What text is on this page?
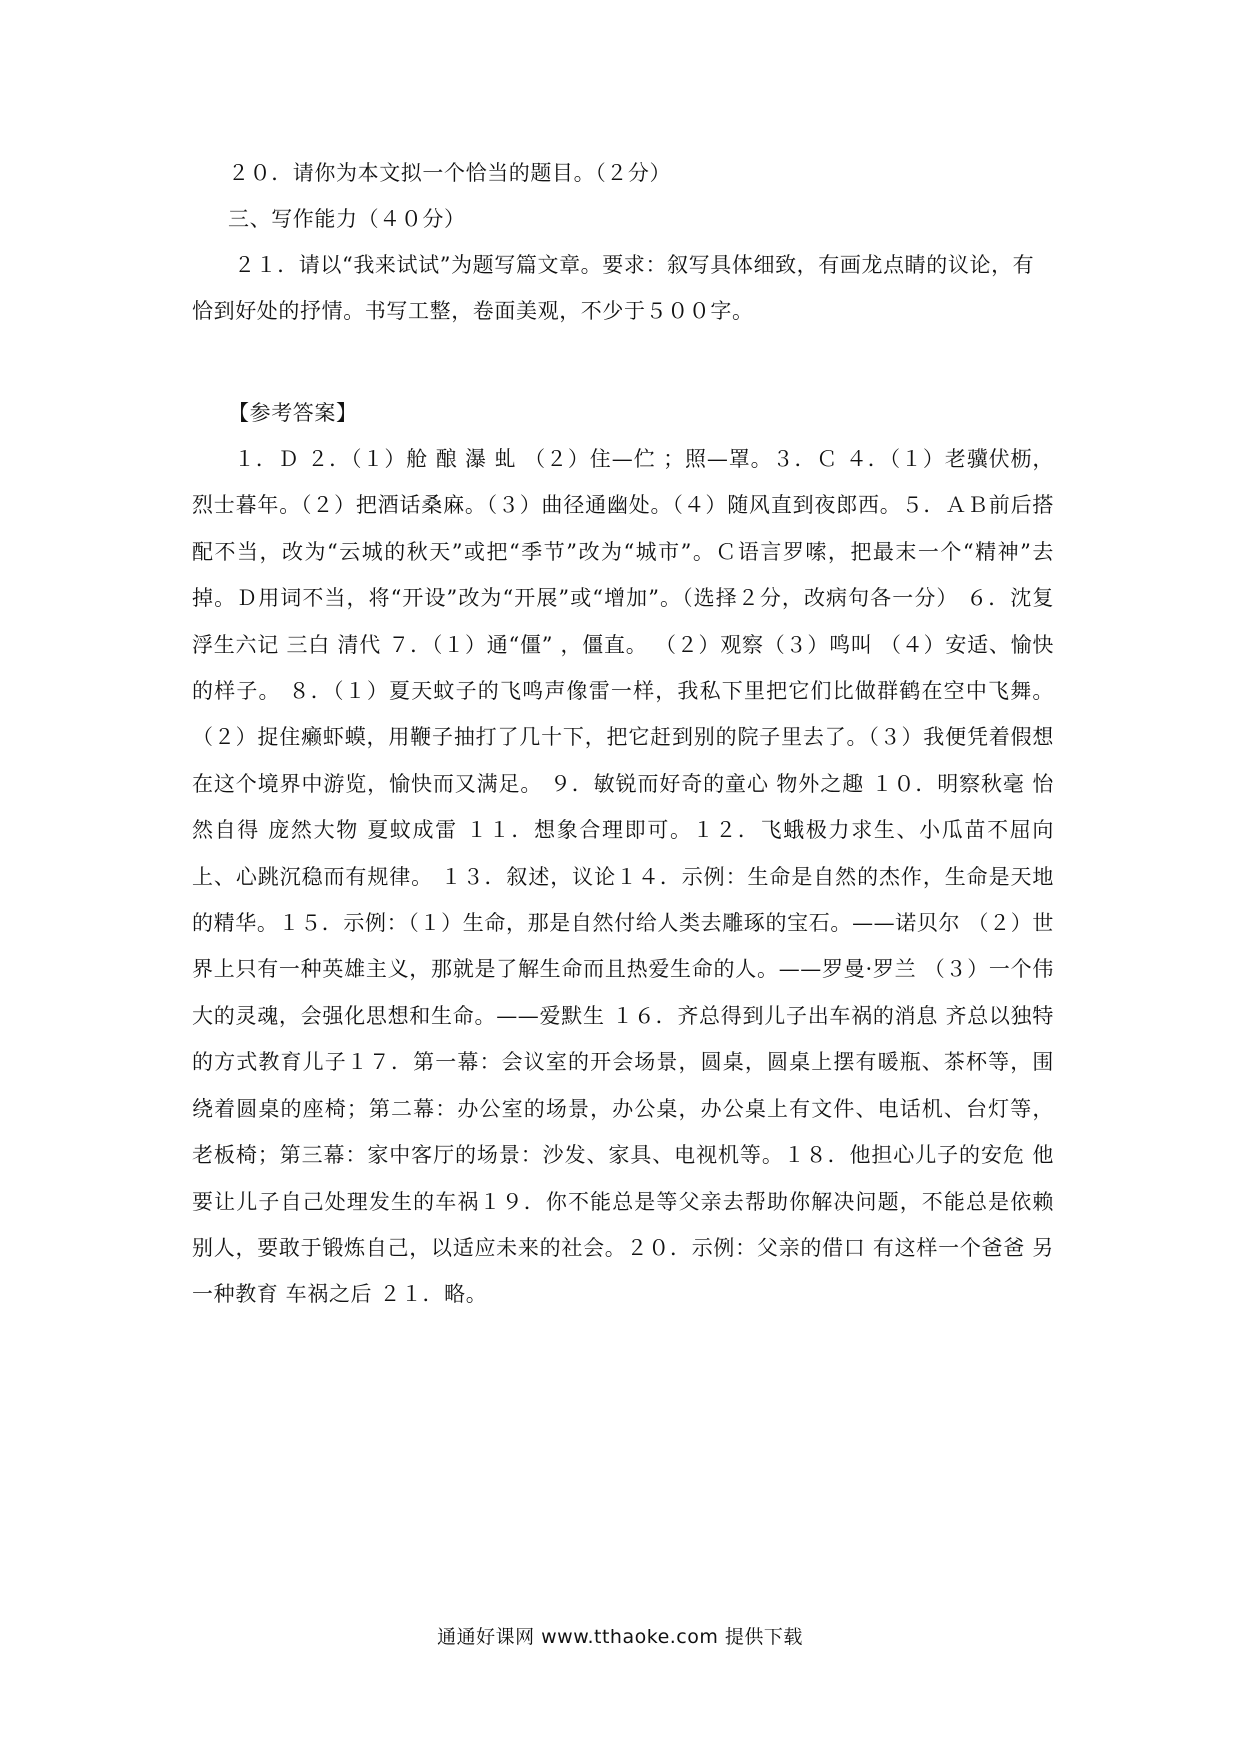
２０．请你为本文拟一个恰当的题目。（２分）

三、写作能力（４０分）

２１．请以“我来试试”为题写篇文章。要求：叙写具体细致，有画龙点睛的议论，有恰到好处的抒情。书写工整，卷面美观，不少于５００字。

【参考答案】

１．Ｄ ２．（１）舱 酿 瀑 虬 （２）住—伫 ；照—罩。３．Ｃ ４．（１）老骥伏枥，烈士暮年。（２）把酒话桑麻。（３）曲径通幽处。（４）随风直到夜郎西。５．ＡＢ前后搭配不当，改为“云城的秋天”或把“季节”改为“城市”。Ｃ语言罗嗦，把最末一个“精神”去掉。Ｄ用词不当，将“开设”改为“开展”或“增加”。（选择２分，改病句各一分） ６．沈复 浮生六记 三白 清代 ７．（１）通“僵” ，僵直。 （２）观察（３）鸣叫 （４）安适、愉快的样子。 ８．（１）夏天蚊子的飞鸣声像雷一样，我私下里把它们比做群鹤在空中飞舞。（２）捉住癞虾蟆，用鞭子抽打了几十下，把它赶到别的院子里去了。（３）我便凭着假想在这个境界中游览，愉快而又满足。 ９．敏锐而好奇的童心 物外之趣 １０．明察秋毫 怡然自得 庞然大物 夏蚊成雷 １１．想象合理即可。１２．飞蛾极力求生、小瓜苗不屈向上、心跳沉稳而有规律。 １３．叙述，议论１４．示例：生命是自然的杰作，生命是天地的精华。１５．示例：（１）生命，那是自然付给人类去雕琢的宝石。——诺贝尔 （２）世界上只有一种英雄主义，那就是了解生命而且热爱生命的人。——罗曼·罗兰 （３）一个伟大的灵魂，会强化思想和生命。——爱默生 １６．齐总得到儿子出车祸的消息 齐总以独特的方式教育儿子１７．第一幕：会议室的开会场景，圆桌，圆桌上摆有暖瓶、茶杯等，围绕着圆桌的座椅；第二幕：办公室的场景，办公桌，办公桌上有文件、电话机、台灯等，老板椅；第三幕：家中客厅的场景：沙发、家具、电视机等。１８．他担心儿子的安危 他要让儿子自己处理发生的车祸１９．你不能总是等父亲去帮助你解决问题，不能总是依赖别人，要敢于锻炼自己，以适应未来的社会。２０．示例：父亲的借口 有这样一个爸爸 另一种教育 车祸之后 ２１．略。

通通好课网 www.tthaoke.com 提供下载
